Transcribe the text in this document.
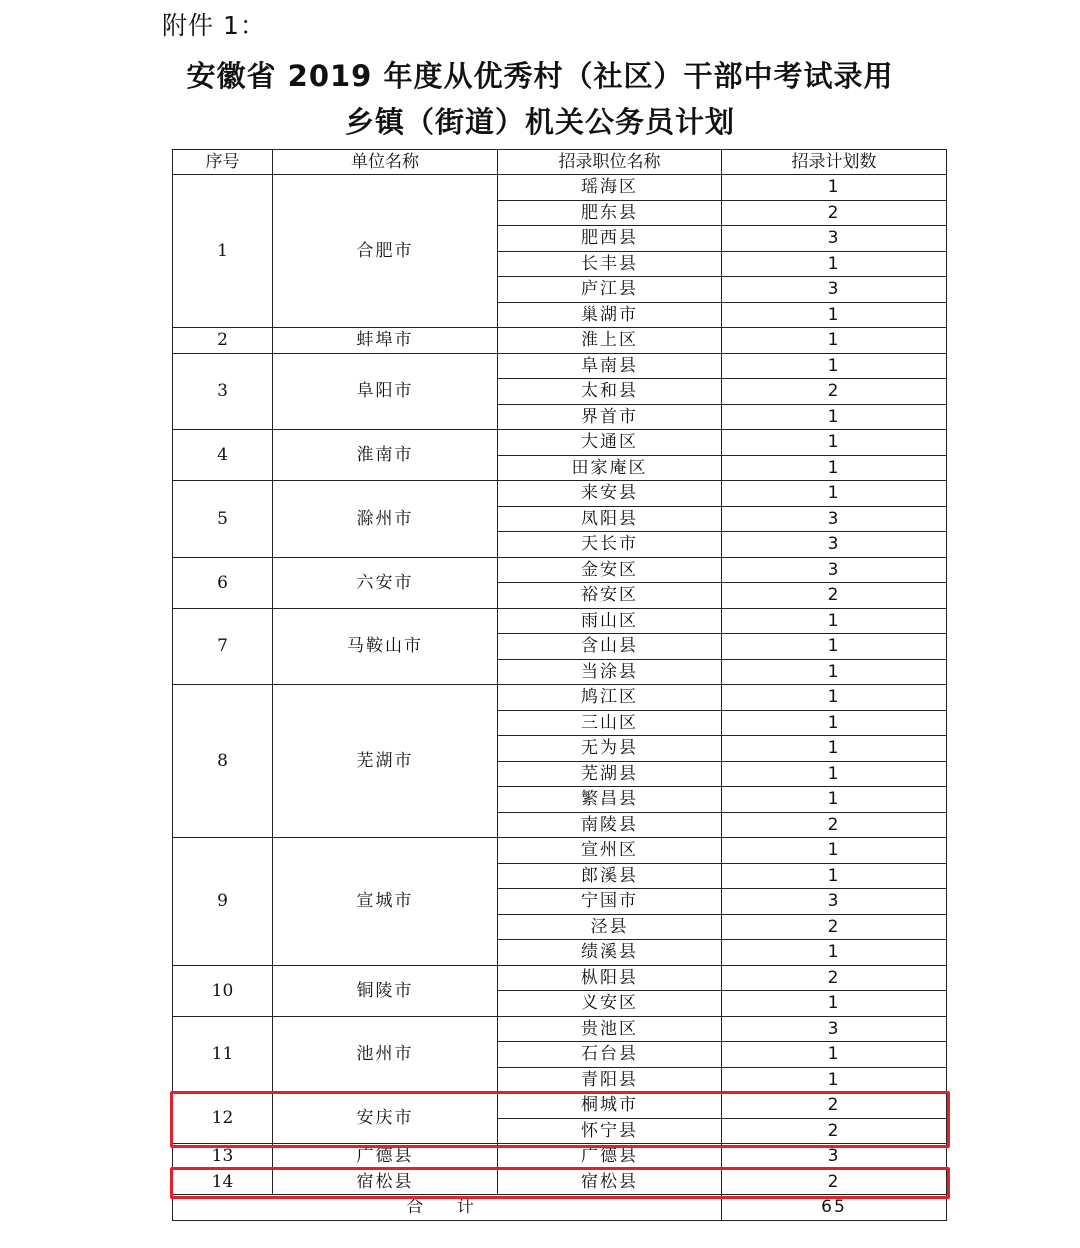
附件 1：
安徽省 2019 年度从优秀村（社区）干部中考试录用
乡镇（街道）机关公务员计划
序号	单位名称	招录职位名称	招录计划数
1	合肥市	瑶海区	1
		肥东县	2
		肥西县	3
		长丰县	1
		庐江县	3
		巢湖市	1
2	蚌埠市	淮上区	1
3	阜阳市	阜南县	1
		太和县	2
		界首市	1
4	淮南市	大通区	1
		田家庵区	1
5	滁州市	来安县	1
		凤阳县	3
		天长市	3
6	六安市	金安区	3
		裕安区	2
7	马鞍山市	雨山区	1
		含山县	1
		当涂县	1
8	芜湖市	鸠江区	1
		三山区	1
		无为县	1
		芜湖县	1
		繁昌县	1
		南陵县	2
9	宣城市	宣州区	1
		郎溪县	1
		宁国市	3
		泾县	2
		绩溪县	1
10	铜陵市	枞阳县	2
		义安区	1
11	池州市	贵池区	3
		石台县	1
		青阳县	1
12	安庆市	桐城市	2
		怀宁县	2
13	广德县	广德县	3
14	宿松县	宿松县	2
合 计			65
